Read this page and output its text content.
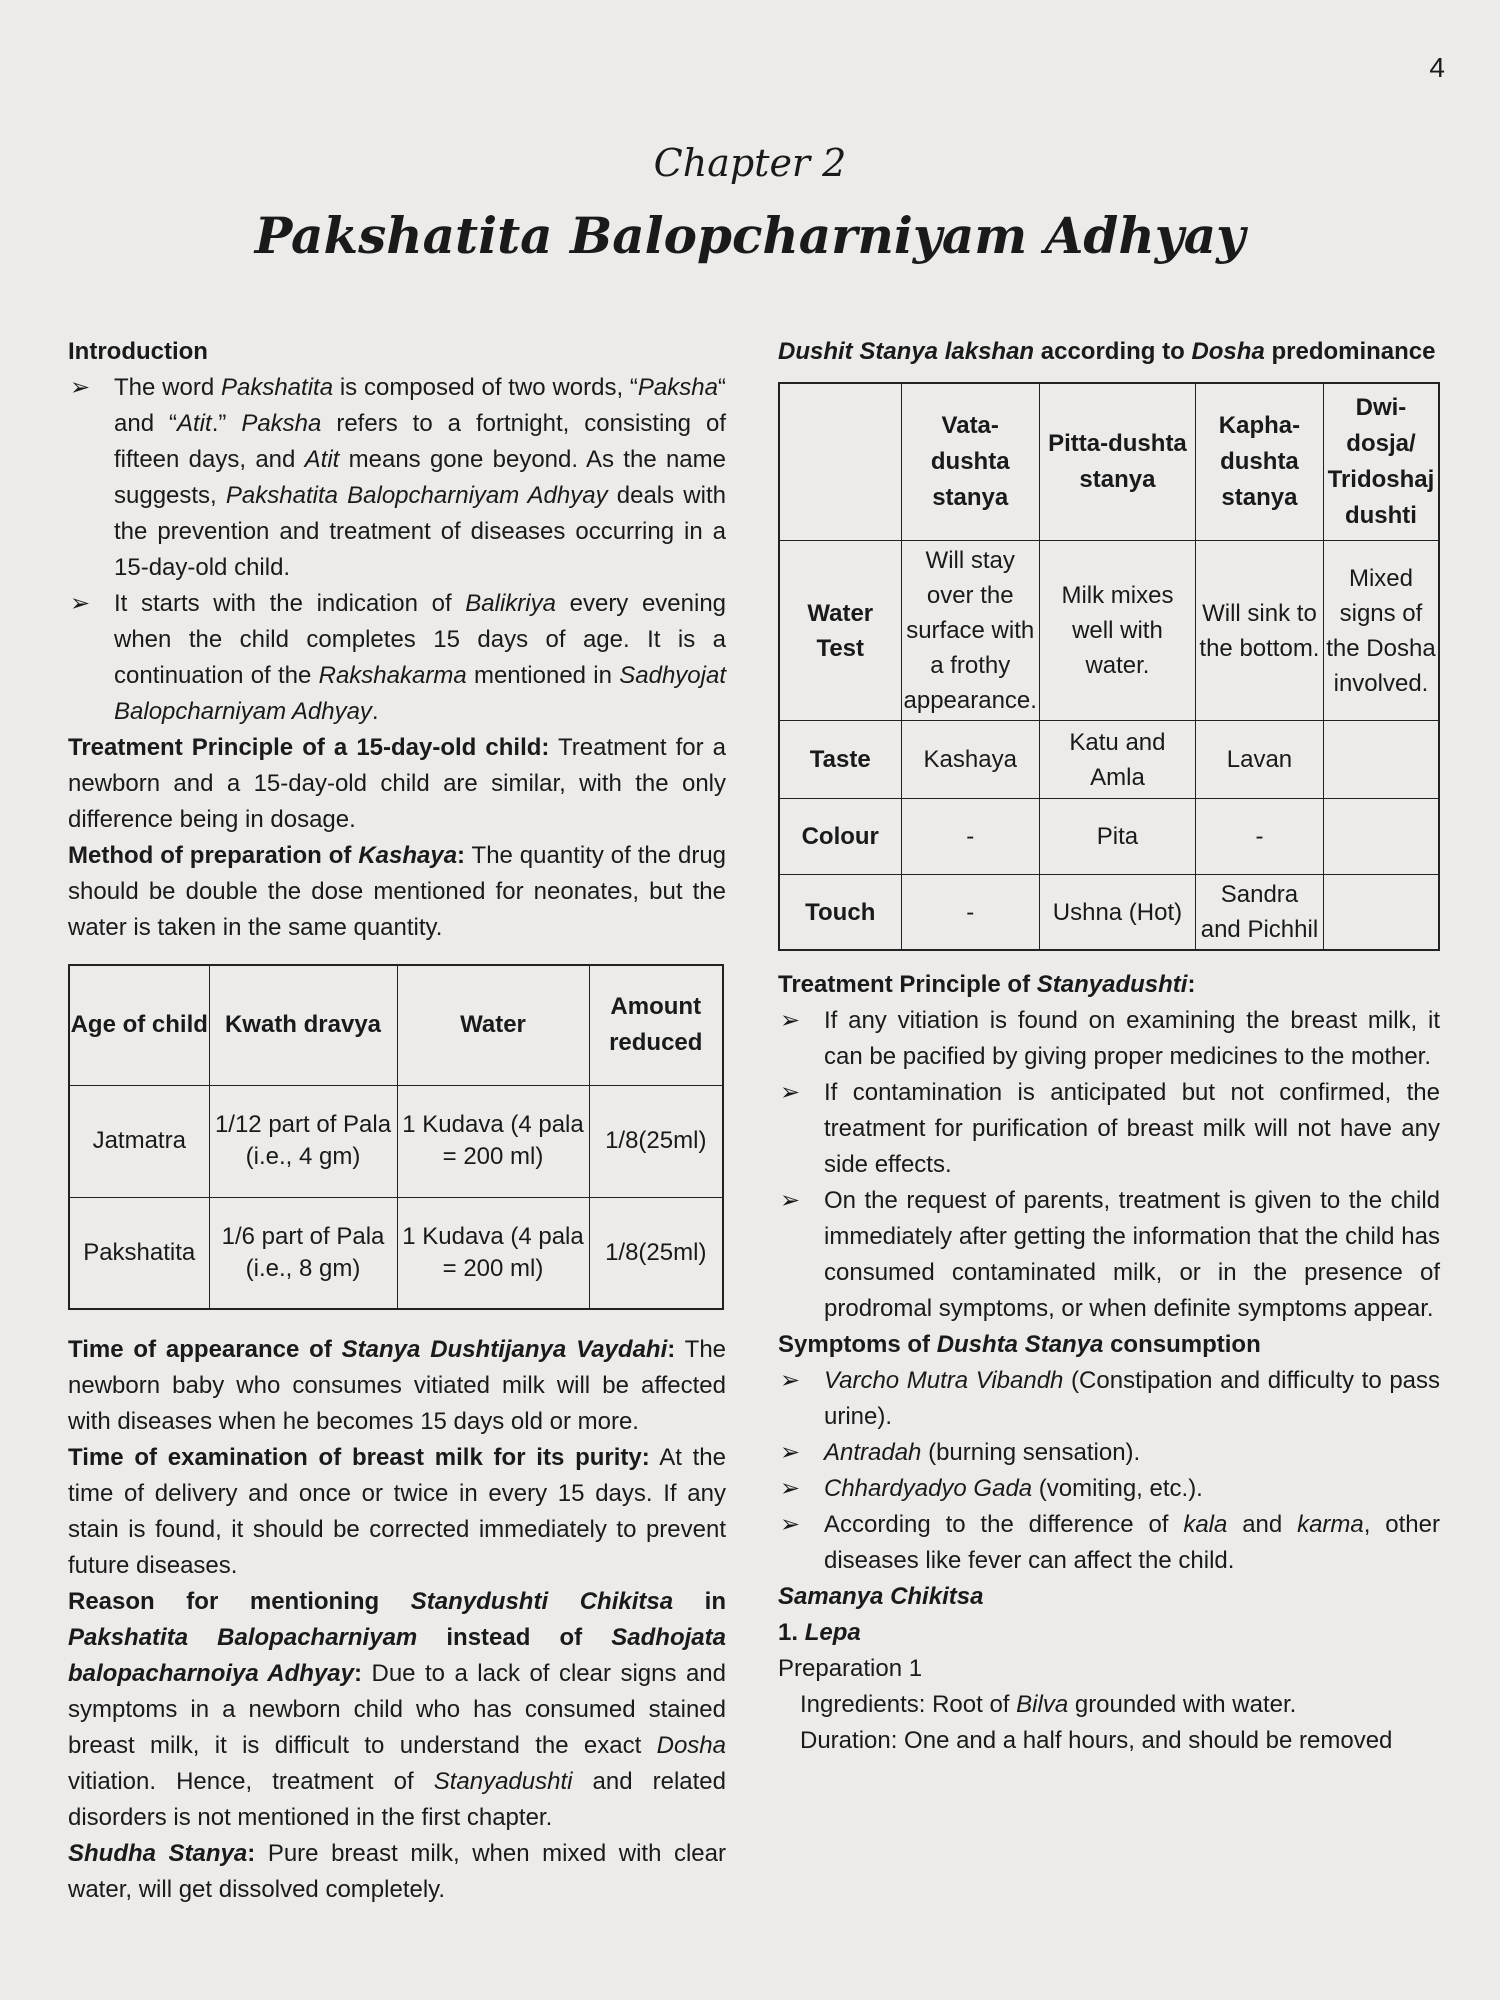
4
Chapter 2
Pakshatita Balopcharniyam Adhyay
Introduction
➢ The word Pakshatita is composed of two words, “Paksha“ and “Atit.” Paksha refers to a fortnight, consisting of fifteen days, and Atit means gone beyond. As the name suggests, Pakshatita Balopcharniyam Adhyay deals with the prevention and treatment of diseases occurring in a 15-day-old child.
➢ It starts with the indication of Balikriya every evening when the child completes 15 days of age. It is a continuation of the Rakshakarma mentioned in Sadhyojat Balopcharniyam Adhyay.

Treatment Principle of a 15-day-old child: Treatment for a newborn and a 15-day-old child are similar, with the only difference being in dosage.

Method of preparation of Kashaya: The quantity of the drug should be double the dose mentioned for neonates, but the water is taken in the same quantity.

Age of child	Kwath dravya	Water	Amount reduced
Jatmatra	1/12 part of Pala (i.e., 4 gm)	1 Kudava (4 pala = 200 ml)	1/8(25ml)
Pakshatita	1/6 part of Pala (i.e., 8 gm)	1 Kudava (4 pala = 200 ml)	1/8(25ml)

Time of appearance of Stanya Dushtijanya Vaydahi: The newborn baby who consumes vitiated milk will be affected with diseases when he becomes 15 days old or more.

Time of examination of breast milk for its purity: At the time of delivery and once or twice in every 15 days. If any stain is found, it should be corrected immediately to prevent future diseases.

Reason for mentioning Stanydushti Chikitsa in Pakshatita Balopacharniyam instead of Sadhojata balopacharnoiya Adhyay: Due to a lack of clear signs and symptoms in a newborn child who has consumed stained breast milk, it is difficult to understand the exact Dosha vitiation. Hence, treatment of Stanyadushti and related disorders is not mentioned in the first chapter.

Shudha Stanya: Pure breast milk, when mixed with clear water, will get dissolved completely.

Dushit Stanya lakshan according to Dosha predominance
	Vata-dushta stanya	Pitta-dushta stanya	Kapha-dushta stanya	Dwi-dosja/ Tridoshaj dushti
Water Test	Will stay over the surface with a frothy appearance.	Milk mixes well with water.	Will sink to the bottom.	Mixed signs of the Dosha involved.
Taste	Kashaya	Katu and Amla	Lavan	
Colour	-	Pita	-	
Touch	-	Ushna (Hot)	Sandra and Pichhil	
Treatment Principle of Stanyadushti:
➢ If any vitiation is found on examining the breast milk, it can be pacified by giving proper medicines to the mother.
➢ If contamination is anticipated but not confirmed, the treatment for purification of breast milk will not have any side effects.
➢ On the request of parents, treatment is given to the child immediately after getting the information that the child has consumed contaminated milk, or in the presence of prodromal symptoms, or when definite symptoms appear.
Symptoms of Dushta Stanya consumption
➢ Varcho Mutra Vibandh (Constipation and difficulty to pass urine).
➢ Antradah (burning sensation).
➢ Chhardyadyo Gada (vomiting, etc.).
➢ According to the difference of kala and karma, other diseases like fever can affect the child.
Samanya Chikitsa
1. Lepa
Preparation 1
Ingredients: Root of Bilva grounded with water.
Duration: One and a half hours, and should be removed
